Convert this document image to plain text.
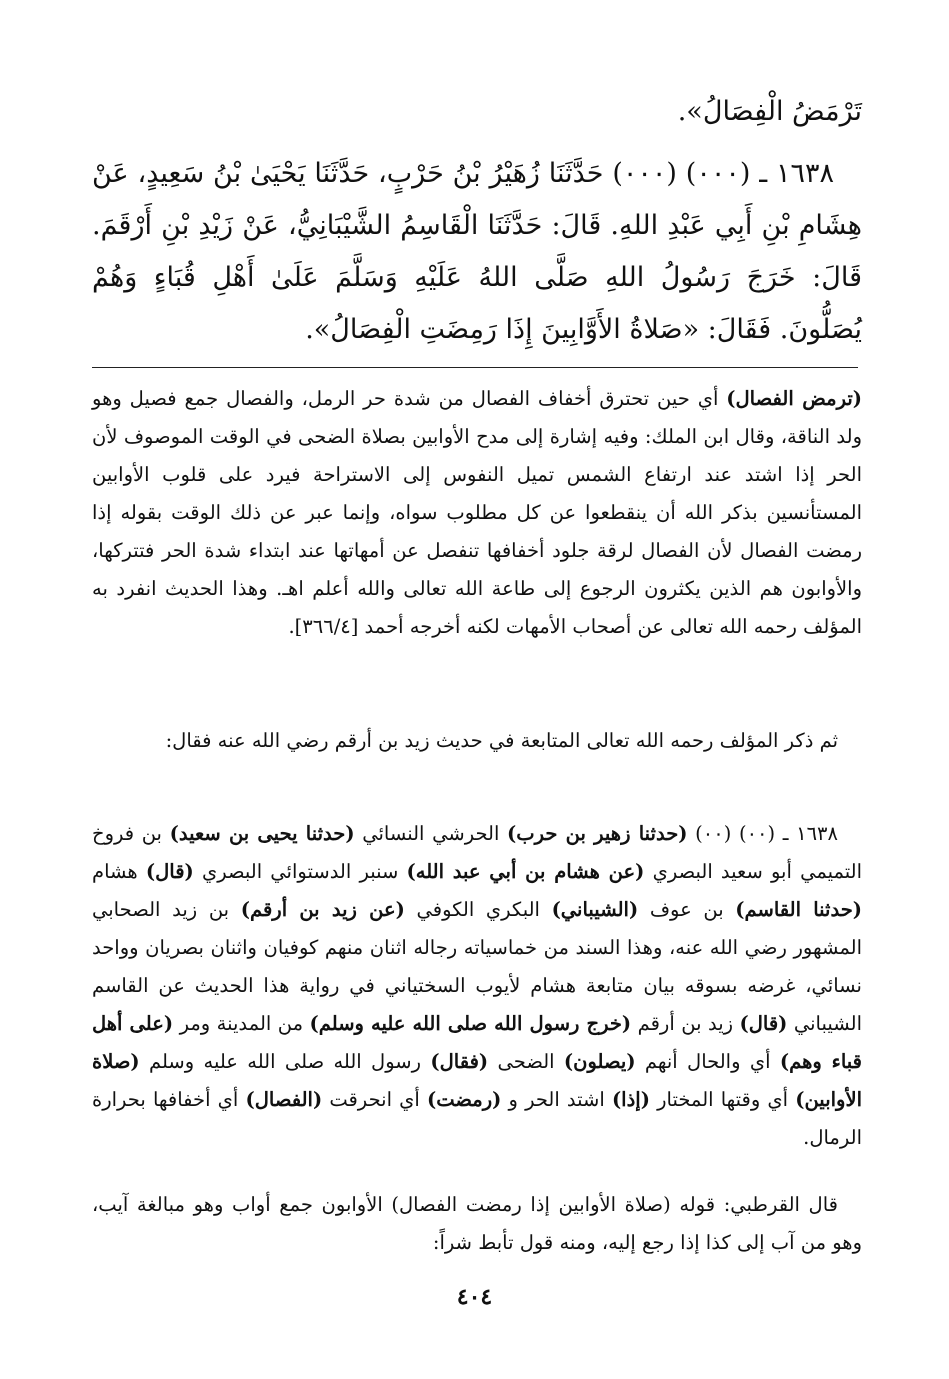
تَرْمَضُ الْفِصَالُ».

١٦٣٨ ـ (٠٠٠) (٠٠٠) حَدَّثَنَا زُهَيْرُ بْنُ حَرْبٍ، حَدَّثَنَا يَحْيَىٰ بْنُ سَعِيدٍ، عَنْ هِشَامِ بْنِ أَبِي عَبْدِ اللهِ. قَالَ: حَدَّثَنَا الْقَاسِمُ الشَّيْبَانِيُّ، عَنْ زَيْدِ بْنِ أَرْقَمَ. قَالَ: خَرَجَ رَسُولُ اللهِ صَلَّى اللهُ عَلَيْهِ وَسَلَّمَ عَلَىٰ أَهْلِ قُبَاءٍ وَهُمْ يُصَلُّونَ. فَقَالَ: «صَلاةُ الأَوَّابِينَ إِذَا رَمِضَتِ الْفِصَالُ».

(ترمض الفصال) أي حين تحترق أخفاف الفصال من شدة حر الرمل، والفصال جمع فصيل وهو ولد الناقة، وقال ابن الملك: وفيه إشارة إلى مدح الأوابين بصلاة الضحى في الوقت الموصوف لأن الحر إذا اشتد عند ارتفاع الشمس تميل النفوس إلى الاستراحة فيرد على قلوب الأوابين المستأنسين بذكر الله أن ينقطعوا عن كل مطلوب سواه، وإنما عبر عن ذلك الوقت بقوله إذا رمضت الفصال لأن الفصال لرقة جلود أخفافها تنفصل عن أمهاتها عند ابتداء شدة الحر فتتركها، والأوابون هم الذين يكثرون الرجوع إلى طاعة الله تعالى والله أعلم اهـ. وهذا الحديث انفرد به المؤلف رحمه الله تعالى عن أصحاب الأمهات لكنه أخرجه أحمد [٣٦٦/٤].

ثم ذكر المؤلف رحمه الله تعالى المتابعة في حديث زيد بن أرقم رضي الله عنه فقال:

١٦٣٨ ـ (٠٠) (٠٠) (حدثنا زهير بن حرب) الحرشي النسائي (حدثنا يحيى بن سعيد) بن فروخ التميمي أبو سعيد البصري (عن هشام بن أبي عبد الله) سنبر الدستوائي البصري (قال) هشام (حدثنا القاسم) بن عوف (الشيباني) البكري الكوفي (عن زيد بن أرقم) بن زيد الصحابي المشهور رضي الله عنه، وهذا السند من خماسياته رجاله اثنان منهم كوفيان واثنان بصريان وواحد نسائي، غرضه بسوقه بيان متابعة هشام لأيوب السختياني في رواية هذا الحديث عن القاسم الشيباني (قال) زيد بن أرقم (خرج رسول الله صلى الله عليه وسلم) من المدينة ومر (على أهل قباء وهم) أي والحال أنهم (يصلون) الضحى (فقال) رسول الله صلى الله عليه وسلم (صلاة الأوابين) أي وقتها المختار (إذا) اشتد الحر و (رمضت) أي انحرقت (الفصال) أي أخفافها بحرارة الرمال.

قال القرطبي: قوله (صلاة الأوابين إذا رمضت الفصال) الأوابون جمع أواب وهو مبالغة آيب، وهو من آب إلى كذا إذا رجع إليه، ومنه قول تأبط شراً:

٤٠٤
